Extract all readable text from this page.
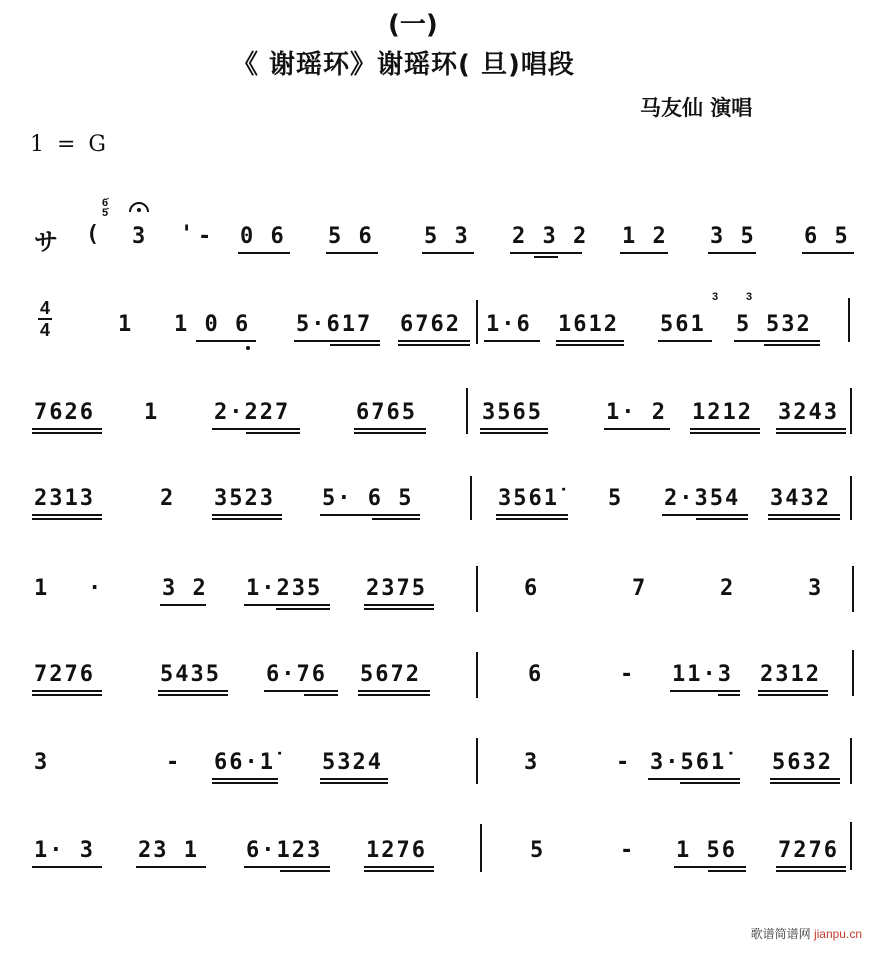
(一)
《 谢瑶环》谢瑶环( 旦)唱段
马友仙 演唱
1 = G
サ (
6̇ 5̇
3 ' - 0 6 5 6 5 3 2 3 2 1 2 3 5 6 5
4
4	1 1 0 6 5·617 6762 1·6 1612
3
561
3
5 532
7626 1 2·227	6765	3565	1· 2 1212 3243
2313	2 3523 5· 6 5	3561̇ 5 2·354 3432
1 ·	3 2 1·235 2375	6	7	2	3
7276	5435 6·76 5672	6	- 11·3 2312
3	- 66·1̇ 5324	3	- 3·561̇ 5632
1· 3 23 1 6·123 1276	5	- 1 56 7276
歌谱简谱网 jianpu.cn
